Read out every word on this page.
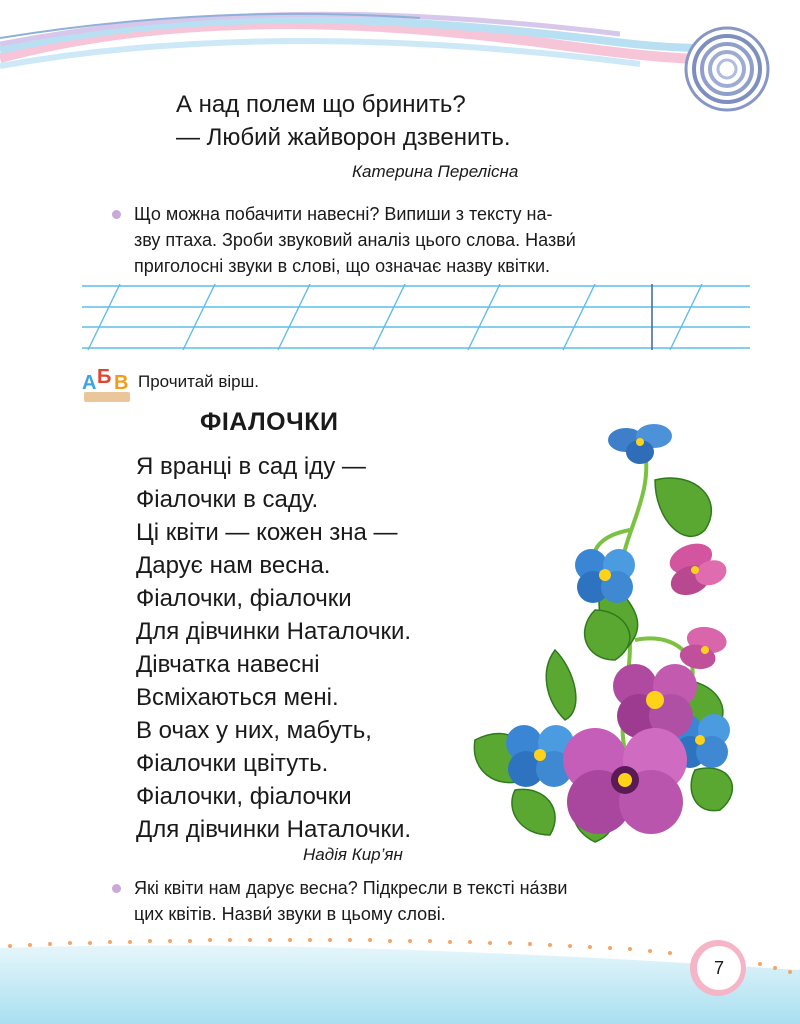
А над полем що бринить?
— Любий жайворон дзвенить.
Катерина Перелісна
Що можна побачити навесні? Випиши з тексту на-
зву птаха. Зроби звуковий аналіз цього слова. Назви́
приголосні звуки в слові, що означає назву квітки.
А Б В Прочитай вірш.
ФІАЛОЧКИ
Я вранці в сад іду —
Фіалочки в саду.
Ці квіти — кожен зна —
Дарує нам весна.
Фіалочки, фіалочки
Для дівчинки Наталочки.
Дівчатка навесні
Всміхаються мені.
В очах у них, мабуть,
Фіалочки цвітуть.
Фіалочки, фіалочки
Для дівчинки Наталочки.
Надія Кир’ян
Які квіти нам дарує весна? Підкресли в тексті на́зви
цих квітів. Назви́ звуки в цьому слові.
7
